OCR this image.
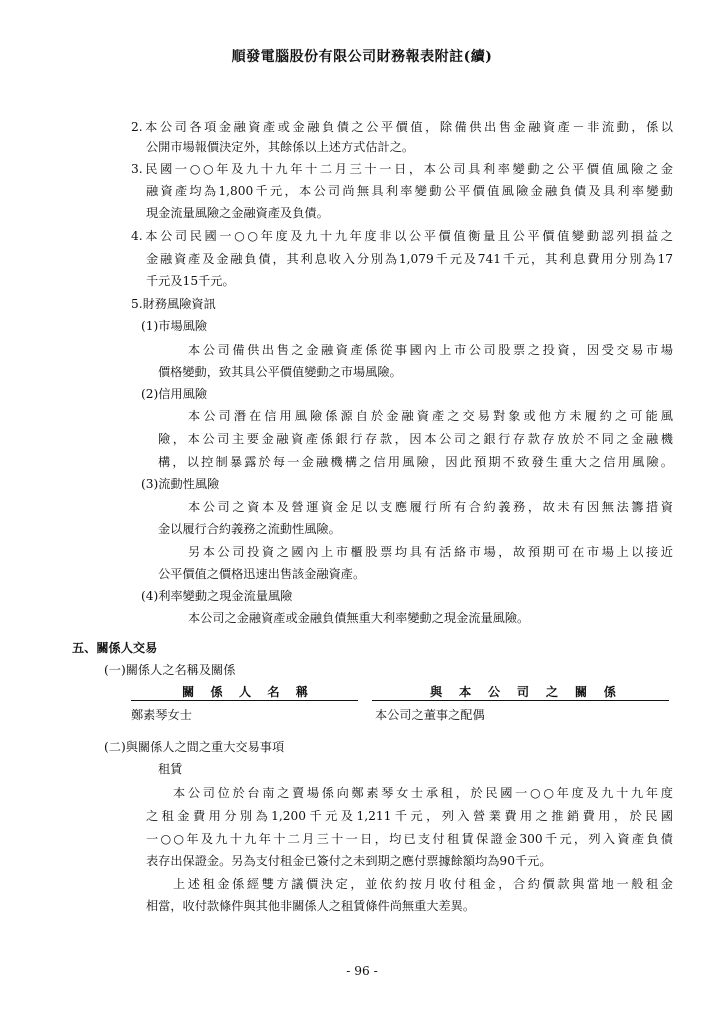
順發電腦股份有限公司財務報表附註(續)
2.本公司各項金融資產或金融負債之公平價值，除備供出售金融資產－非流動，係以
公開市場報價決定外，其餘係以上述方式估計之。
3.民國一○○年及九十九年十二月三十一日，本公司具利率變動之公平價值風險之金
融資產均為1,800千元，本公司尚無具利率變動公平價值風險金融負債及具利率變動
現金流量風險之金融資產及負債。
4.本公司民國一○○年度及九十九年度非以公平價值衡量且公平價值變動認列損益之
金融資產及金融負債，其利息收入分別為1,079千元及741千元，其利息費用分別為17
千元及15千元。
5.財務風險資訊
(1)市場風險
本公司備供出售之金融資產係從事國內上市公司股票之投資，因受交易市場
價格變動，致其具公平價值變動之市場風險。
(2)信用風險
本公司潛在信用風險係源自於金融資產之交易對象或他方未履約之可能風
險，本公司主要金融資產係銀行存款，因本公司之銀行存款存放於不同之金融機
構，以控制暴露於每一金融機構之信用風險，因此預期不致發生重大之信用風險。
(3)流動性風險
本公司之資本及營運資金足以支應履行所有合約義務，故未有因無法籌措資
金以履行合約義務之流動性風險。
另本公司投資之國內上市櫃股票均具有活絡市場，故預期可在市場上以接近
公平價值之價格迅速出售該金融資產。
(4)利率變動之現金流量風險
本公司之金融資產或金融負債無重大利率變動之現金流量風險。
五、關係人交易
(一)關係人之名稱及關係
關係人名稱	與本公司之關係
鄭素琴女士	本公司之董事之配偶
(二)與關係人之間之重大交易事項
租賃
本公司位於台南之賣場係向鄭素琴女士承租，於民國一○○年度及九十九年度
之租金費用分別為1,200千元及1,211千元，列入營業費用之推銷費用，於民國
一○○年及九十九年十二月三十一日，均已支付租賃保證金300千元，列入資產負債
表存出保證金。另為支付租金已簽付之未到期之應付票據餘額均為90千元。
上述租金係經雙方議價決定，並依約按月收付租金，合約價款與當地一般租金
相當，收付款條件與其他非關係人之租賃條件尚無重大差異。
- 96 -
